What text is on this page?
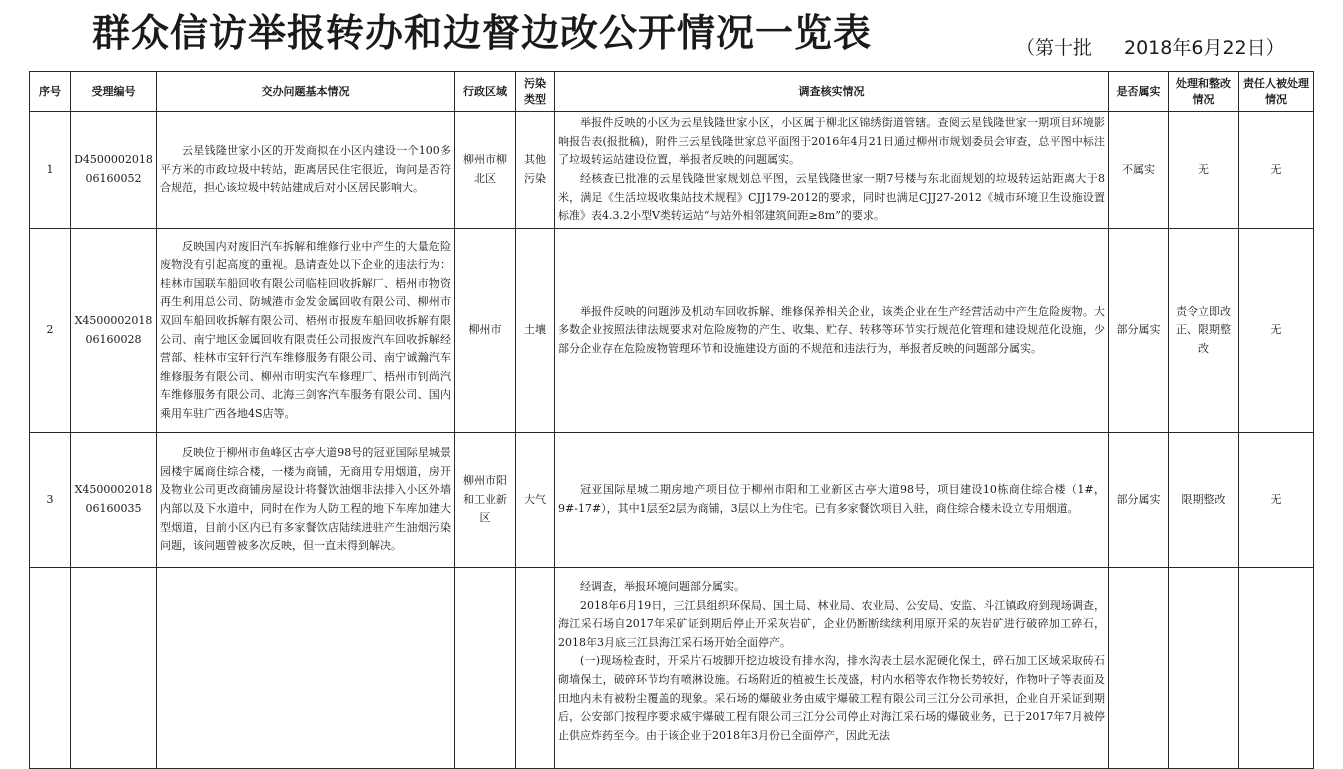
群众信访举报转办和边督边改公开情况一览表	（第十批 2018年6月22日）
序号	受理编号	交办问题基本情况	行政区域	污染类型	调查核实情况	是否属实	处理和整改情况	责任人被处理情况
1	D450000201806160052	云星钱隆世家小区的开发商拟在小区内建设一个100多平方米的市政垃圾中转站，距离居民住宅很近，询问是否符合规范，担心该垃圾中转站建成后对小区居民影响大。	柳州市柳北区	其他污染	举报件反映的小区为云星钱隆世家小区，小区属于柳北区锦绣街道管辖。查阅云星钱隆世家一期项目环境影响报告表(报批稿)，附件三云星钱隆世家总平面图于2016年4月21日通过柳州市规划委员会审查，总平图中标注了垃圾转运站建设位置，举报者反映的问题属实。

经核查已批准的云星钱隆世家规划总平图，云星钱隆世家一期7号楼与东北面规划的垃圾转运站距离大于8米，满足《生活垃圾收集站技术规程》CJJ179-2012的要求，同时也满足CJJ27-2012《城市环境卫生设施设置标准》表4.3.2小型V类转运站“与站外相邻建筑间距≥8m”的要求。	不属实	无	无
2	X450000201806160028	反映国内对废旧汽车拆解和维修行业中产生的大量危险废物没有引起高度的重视。恳请查处以下企业的违法行为：桂林市国联车船回收有限公司临桂回收拆解厂、梧州市物资再生利用总公司、防城港市金发金属回收有限公司、柳州市双回车船回收拆解有限公司、梧州市报废车船回收拆解有限公司、南宁地区金属回收有限责任公司报废汽车回收拆解经营部、桂林市宝轩行汽车维修服务有限公司、南宁诚瀚汽车维修服务有限公司、柳州市明实汽车修理厂、梧州市钊尚汽车维修服务有限公司、北海三剑客汽车服务有限公司、国内乘用车驻广西各地4S店等。	柳州市	土壤	举报件反映的问题涉及机动车回收拆解、维修保养相关企业，该类企业在生产经营活动中产生危险废物。大多数企业按照法律法规要求对危险废物的产生、收集、贮存、转移等环节实行规范化管理和建设规范化设施，少部分企业存在危险废物管理环节和设施建设方面的不规范和违法行为，举报者反映的问题部分属实。	部分属实	责令立即改正、限期整改	无
3	X450000201806160035	反映位于柳州市鱼峰区古亭大道98号的冠亚国际星城景园楼宇属商住综合楼，一楼为商铺，无商用专用烟道，房开及物业公司更改商铺房屋设计将餐饮油烟非法排入小区外墙内部以及下水道中，同时在作为人防工程的地下车库加建大型烟道，目前小区内已有多家餐饮店陆续进驻产生油烟污染问题，该问题曾被多次反映，但一直未得到解决。	柳州市阳和工业新区	大气	冠亚国际星城二期房地产项目位于柳州市阳和工业新区古亭大道98号，项目建设10栋商住综合楼（1#，9#-17#），其中1层至2层为商铺，3层以上为住宅。已有多家餐饮项目入驻，商住综合楼未设立专用烟道。	部分属实	限期整改	无

					经调查，举报环境问题部分属实。

2018年6月19日，三江县组织环保局、国土局、林业局、农业局、公安局、安监、斗江镇政府到现场调查，海江采石场自2017年采矿证到期后停止开采灰岩矿，企业仍断断续续利用原开采的灰岩矿进行破碎加工碎石，2018年3月底三江县海江采石场开始全面停产。

(一)现场检查时，开采片石坡脚开挖边坡设有排水沟，排水沟表土层水泥硬化保土，碎石加工区域采取砖石砌墙保土，破碎环节均有喷淋设施。石场附近的植被生长茂盛，村内水稻等农作物长势较好，作物叶子等表面及田地内未有被粉尘覆盖的现象。采石场的爆破业务由威宇爆破工程有限公司三江分公司承担，企业自开采证到期后，公安部门按程序要求威宇爆破工程有限公司三江分公司停止对海江采石场的爆破业务，已于2017年7月被停止供应炸药至今。由于该企业于2018年3月份已全面停产，因此无法			
